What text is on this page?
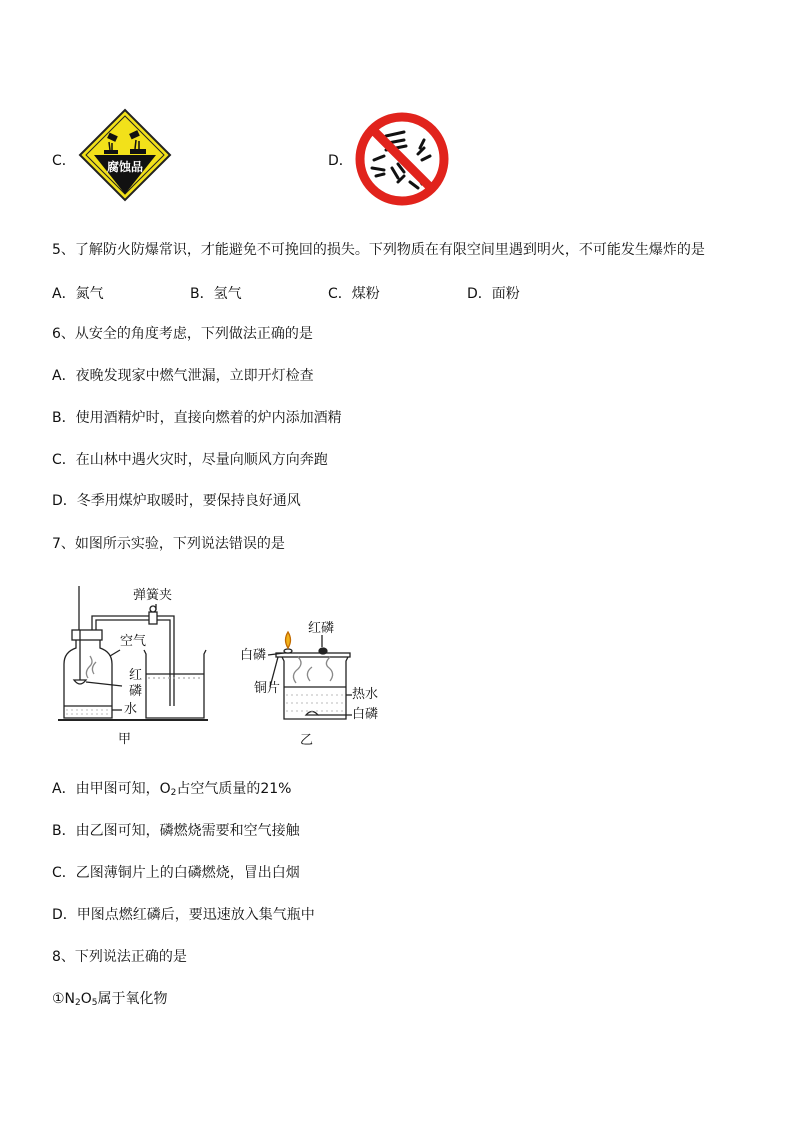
C．	腐蚀品	D．
5、了解防火防爆常识，才能避免不可挽回的损失。下列物质在有限空间里遇到明火，不可能发生爆炸的是
A．氮气	B．氢气	C．煤粉	D．面粉
6、从安全的角度考虑，下列做法正确的是
A．夜晚发现家中燃气泄漏，立即开灯检查
B．使用酒精炉时，直接向燃着的炉内添加酒精
C．在山林中遇火灾时，尽量向顺风方向奔跑
D．冬季用煤炉取暖时，要保持良好通风
7、如图所示实验，下列说法错误的是
弹簧夹
空气
红
磷
水
甲
红磷
白磷
铜片	热水
白磷
乙
A．由甲图可知，$O_2$占空气质量的21%
B．由乙图可知，磷燃烧需要和空气接触
C．乙图薄铜片上的白磷燃烧，冒出白烟
D．甲图点燃红磷后，要迅速放入集气瓶中
8、下列说法正确的是
$①N_2O_5$属于氧化物
